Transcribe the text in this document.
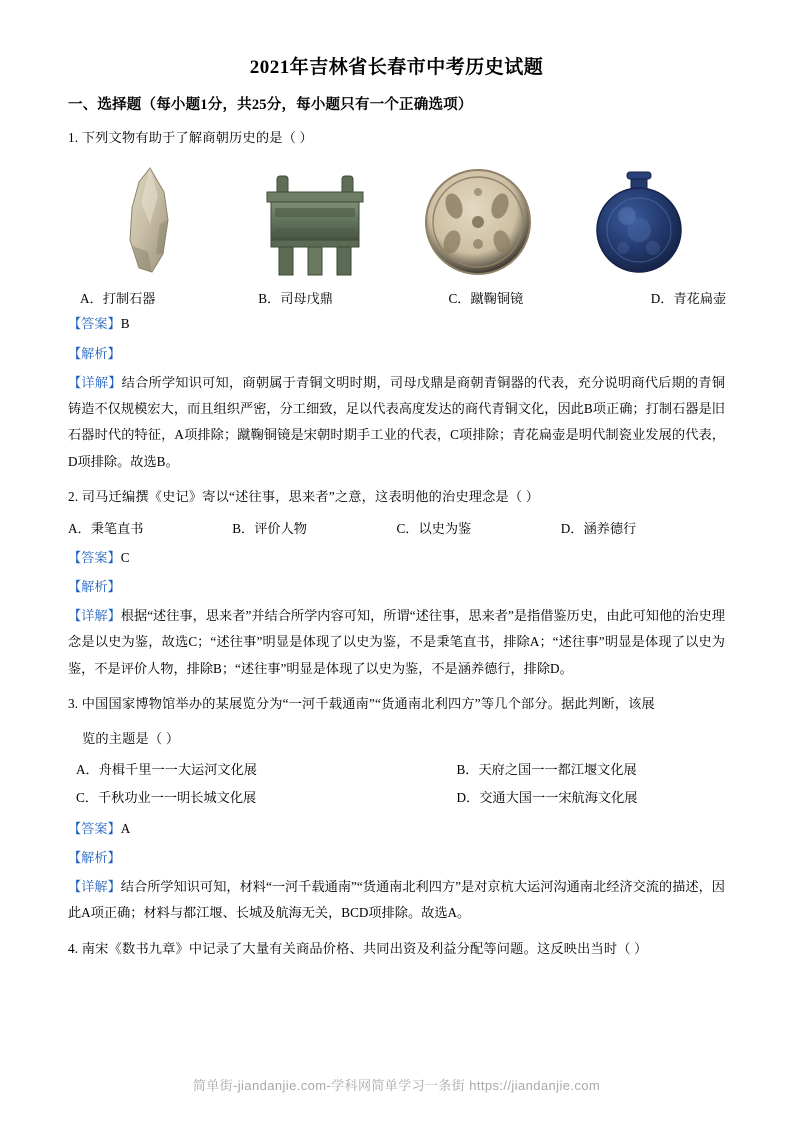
2021年吉林省长春市中考历史试题
一、选择题（每小题1分，共25分，每小题只有一个正确选项）
1. 下列文物有助于了解商朝历史的是（ ）
A．打制石器	B．司母戊鼎	C．蹴鞠铜镜	D．青花扁壶
【答案】B
【解析】
【详解】结合所学知识可知，商朝属于青铜文明时期，司母戊鼎是商朝青铜器的代表，充分说明商代后期的青铜铸造不仅规模宏大，而且组织严密，分工细致，足以代表高度发达的商代青铜文化，因此B项正确；打制石器是旧石器时代的特征，A项排除；蹴鞠铜镜是宋朝时期手工业的代表，C项排除；青花扁壶是明代制瓷业发展的代表，D项排除。故选B。
2. 司马迁编撰《史记》寄以“述往事，思来者”之意，这表明他的治史理念是（ ）
A．秉笔直书	B．评价人物	C．以史为鉴	D．涵养德行
【答案】C
【解析】
【详解】根据“述往事，思来者”并结合所学内容可知，所谓“述往事，思来者”是指借鉴历史，由此可知他的治史理念是以史为鉴，故选C；“述往事”明显是体现了以史为鉴，不是秉笔直书，排除A；“述往事”明显是体现了以史为鉴，不是评价人物，排除B；“述往事”明显是体现了以史为鉴，不是涵养德行，排除D。
3. 中国国家博物馆举办的某展览分为“一河千载通南”“货通南北利四方”等几个部分。据此判断，该展
览的主题是（ ）
A．舟楫千里一一大运河文化展	B．天府之国一一都江堰文化展
C．千秋功业一一明长城文化展	D．交通大国一一宋航海文化展
【答案】A
【解析】
【详解】结合所学知识可知，材料“一河千载通南”“货通南北利四方”是对京杭大运河沟通南北经济交流的描述，因此A项正确；材料与都江堰、长城及航海无关，BCD项排除。故选A。
4. 南宋《数书九章》中记录了大量有关商品价格、共同出资及利益分配等问题。这反映出当时（ ）
简单街-jiandanjie.com-学科网简单学习一条街 https://jiandanjie.com
